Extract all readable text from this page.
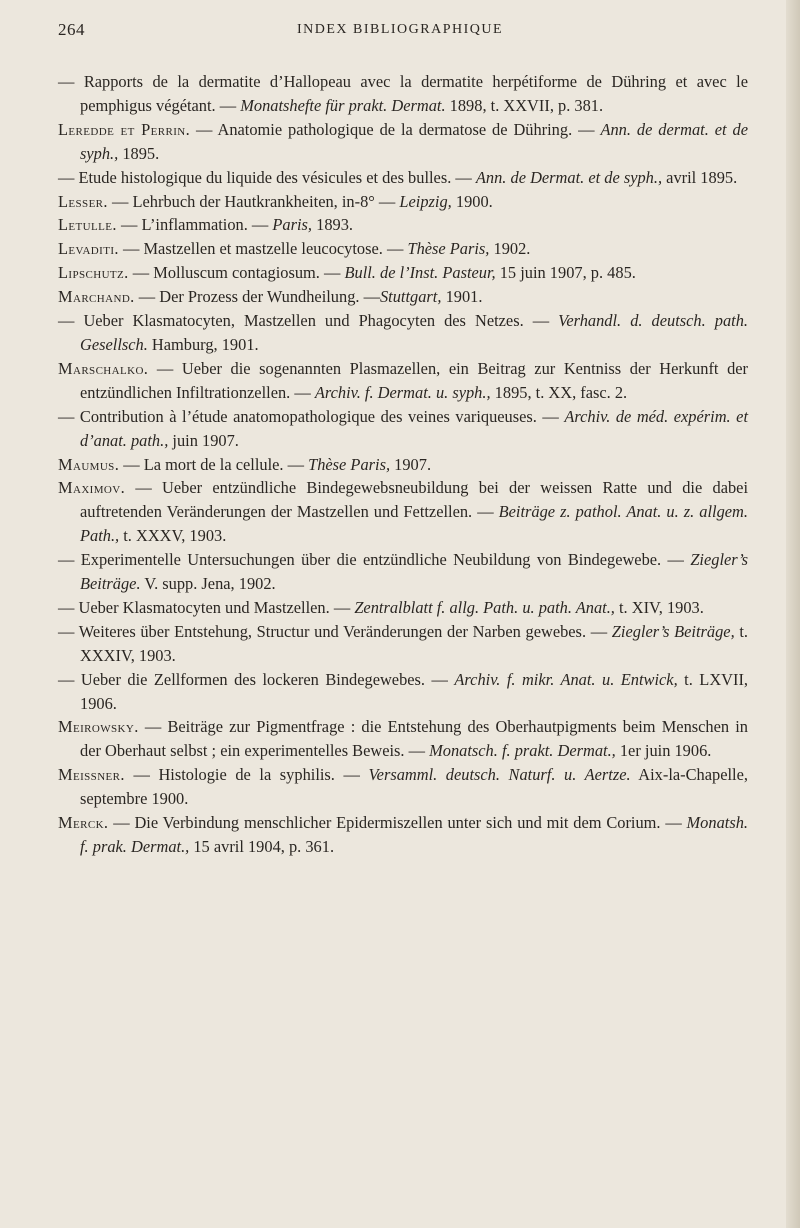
264	INDEX BIBLIOGRAPHIQUE

— Rapports de la dermatite d’Hallopeau avec la dermatite herpétiforme de Dühring et avec le pemphigus végétant. — Monatshefte für prakt. Dermat. 1898, t. XXVII, p. 381.

Leredde et Perrin. — Anatomie pathologique de la dermatose de Dühring. — Ann. de dermat. et de syph., 1895.

— Etude histologique du liquide des vésicules et des bulles. — Ann. de Dermat. et de syph., avril 1895.

Lesser. — Lehrbuch der Hautkrankheiten, in-8° — Leipzig, 1900.

Letulle. — L’inflammation. — Paris, 1893.

Levaditi. — Mastzellen et mastzelle leucocytose. — Thèse Paris, 1902.

Lipschutz. — Molluscum contagiosum. — Bull. de l’Inst. Pasteur, 15 juin 1907, p. 485.

Marchand. — Der Prozess der Wundheilung. —Stuttgart, 1901.

— Ueber Klasmatocyten, Mastzellen und Phagocyten des Netzes. — Verhandl. d. deutsch. path. Gesellsch. Hamburg, 1901.

Marschalko. — Ueber die sogenannten Plasmazellen, ein Beitrag zur Kentniss der Herkunft der entzündlichen Infiltrationzellen. — Archiv. f. Dermat. u. syph., 1895, t. XX, fasc. 2.

— Contribution à l’étude anatomopathologique des veines variqueuses. — Archiv. de méd. expérim. et d’anat. path., juin 1907.

Maumus. — La mort de la cellule. — Thèse Paris, 1907.

Maximov. — Ueber entzündliche Bindegewebsneubildung bei der weissen Ratte und die dabei auftretenden Veränderungen der Mastzellen und Fettzellen. — Beiträge z. pathol. Anat. u. z. allgem. Path., t. XXXV, 1903.

— Experimentelle Untersuchungen über die entzündliche Neubildung von Bindegewebe. — Ziegler’s Beiträge. V. supp. Jena, 1902.

— Ueber Klasmatocyten und Mastzellen. — Zentralblatt f. allg. Path. u. path. Anat., t. XIV, 1903.

— Weiteres über Entstehung, Structur und Veränderungen der Narben gewebes. — Ziegler’s Beiträge, t. XXXIV, 1903.

— Ueber die Zellformen des lockeren Bindegewebes. — Archiv. f. mikr. Anat. u. Entwick, t. LXVII, 1906.

Meirowsky. — Beiträge zur Pigmentfrage : die Entstehung des Oberhautpigments beim Menschen in der Oberhaut selbst ; ein experimentelles Beweis. — Monatsch. f. prakt. Dermat., 1er juin 1906.

Meissner. — Histologie de la syphilis. — Versamml. deutsch. Naturf. u. Aertze. Aix-la-Chapelle, septembre 1900.

Merck. — Die Verbindung menschlicher Epidermiszellen unter sich und mit dem Corium. — Monatsh. f. prak. Dermat., 15 avril 1904, p. 361.
